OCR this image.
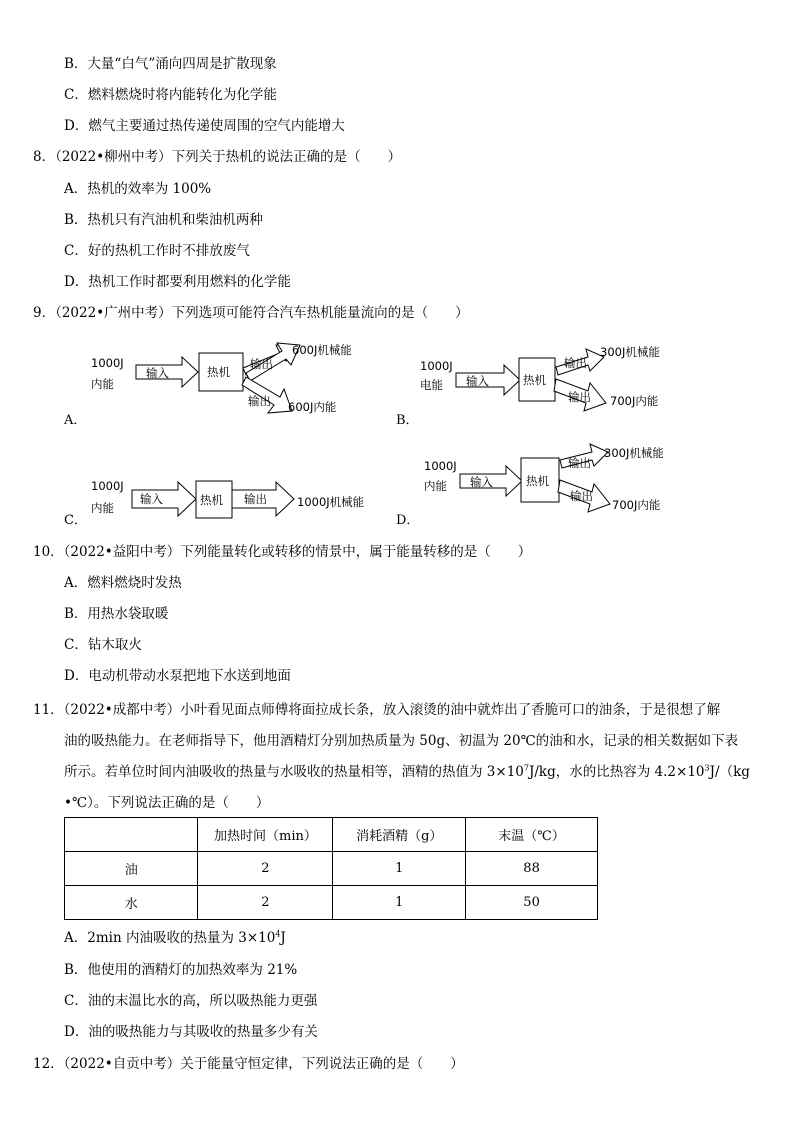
B．大量“白气”涌向四周是扩散现象
C．燃料燃烧时将内能转化为化学能
D．燃气主要通过热传递使周围的空气内能增大
8．（2022•柳州中考）下列关于热机的说法正确的是（　　）
A．热机的效率为 100%
B．热机只有汽油机和柴油机两种
C．好的热机工作时不排放废气
D．热机工作时都要利用燃料的化学能
9．（2022•广州中考）下列选项可能符合汽车热机能量流向的是（　　）
1000J
内能
输入	热机
输出
600J机械能
输出 600J内能
A．
1000J
电能 输入	热机
输出
300J机械能
输出 700J内能
B．
1000J
内能
输入	热机 输出	1000J机械能
C．
1000J
内能 输入	热机
输出
300J机械能
输出
700J内能
D．
10．（2022•益阳中考）下列能量转化或转移的情景中，属于能量转移的是（　　）
A．燃料燃烧时发热
B．用热水袋取暖
C．钻木取火
D．电动机带动水泵把地下水送到地面
11．（2022•成都中考）小叶看见面点师傅将面拉成长条，放入滚烫的油中就炸出了香脆可口的油条，于是很想了解
油的吸热能力。在老师指导下，他用酒精灯分别加热质量为 50g、初温为 20℃的油和水，记录的相关数据如下表
所示。若单位时间内油吸收的热量与水吸收的热量相等，酒精的热值为 $3\times 10^7J/kg$，水的比热容为 $4.2\times 10^3J/(kg$
•℃）。下列说法正确的是（　　）
	加热时间（min）	消耗酒精（g）	末温（℃）
油	2	1	88
水	2	1	50
A．2min 内油吸收的热量为 $3\times 10^4J$
B．他使用的酒精灯的加热效率为 21%
C．油的末温比水的高，所以吸热能力更强
D．油的吸热能力与其吸收的热量多少有关
12．（2022•自贡中考）关于能量守恒定律，下列说法正确的是（　　）
